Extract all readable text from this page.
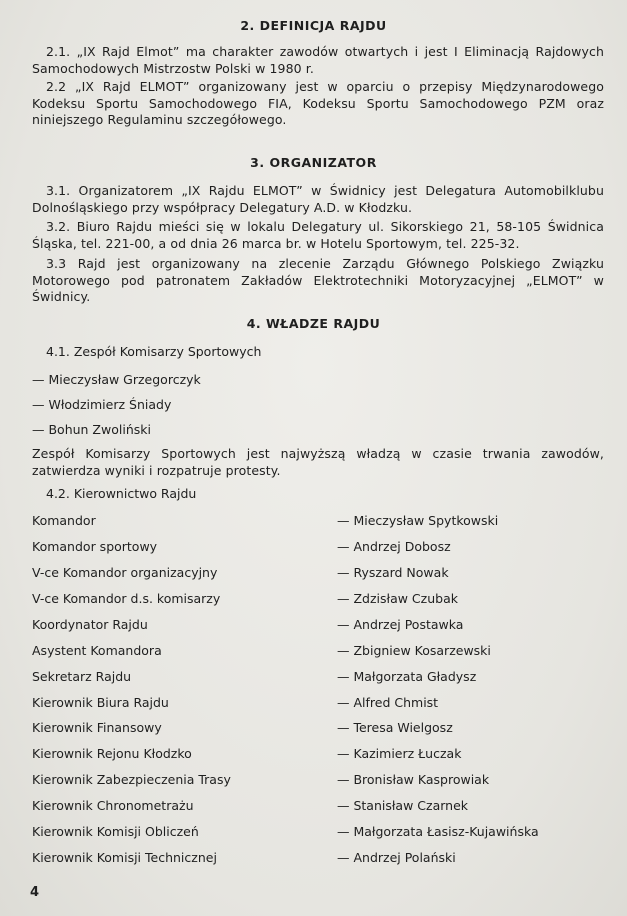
2. DEFINICJA RAJDU
2.1. „IX Rajd Elmot” ma charakter zawodów otwartych i jest I Eliminacją Rajdowych Samochodowych Mistrzostw Polski w 1980 r.
2.2 „IX Rajd ELMOT” organizowany jest w oparciu o przepisy Międzynarodowego Kodeksu Sportu Samochodowego FIA, Kodeksu Sportu Samochodowego PZM oraz niniejszego Regulaminu szczegółowego.
3. ORGANIZATOR
3.1. Organizatorem „IX Rajdu ELMOT” w Świdnicy jest Delegatura Automobilklubu Dolnośląskiego przy współpracy Delegatury A.D. w Kłodzku.
3.2. Biuro Rajdu mieści się w lokalu Delegatury ul. Sikorskiego 21, 58-105 Świdnica Śląska, tel. 221-00, a od dnia 26 marca br. w Hotelu Sportowym, tel. 225-32.
3.3 Rajd jest organizowany na zlecenie Zarządu Głównego Polskiego Związku Motorowego pod patronatem Zakładów Elektrotechniki Motoryzacyjnej „ELMOT” w Świdnicy.
4. WŁADZE RAJDU
4.1. Zespół Komisarzy Sportowych
— Mieczysław Grzegorczyk
— Włodzimierz Śniady
— Bohun Zwoliński
Zespół Komisarzy Sportowych jest najwyższą władzą w czasie trwania zawodów, zatwierdza wyniki i rozpatruje protesty.
4.2. Kierownictwo Rajdu
Komandor	— Mieczysław Spytkowski
Komandor sportowy	— Andrzej Dobosz
V-ce Komandor organizacyjny	— Ryszard Nowak
V-ce Komandor d.s. komisarzy	— Zdzisław Czubak
Koordynator Rajdu	— Andrzej Postawka
Asystent Komandora	— Zbigniew Kosarzewski
Sekretarz Rajdu	— Małgorzata Gładysz
Kierownik Biura Rajdu	— Alfred Chmist
Kierownik Finansowy	— Teresa Wielgosz
Kierownik Rejonu Kłodzko	— Kazimierz Łuczak
Kierownik Zabezpieczenia Trasy	— Bronisław Kasprowiak
Kierownik Chronometrażu	— Stanisław Czarnek
Kierownik Komisji Obliczeń	— Małgorzata Łasisz-Kujawińska
Kierownik Komisji Technicznej	— Andrzej Polański
4
